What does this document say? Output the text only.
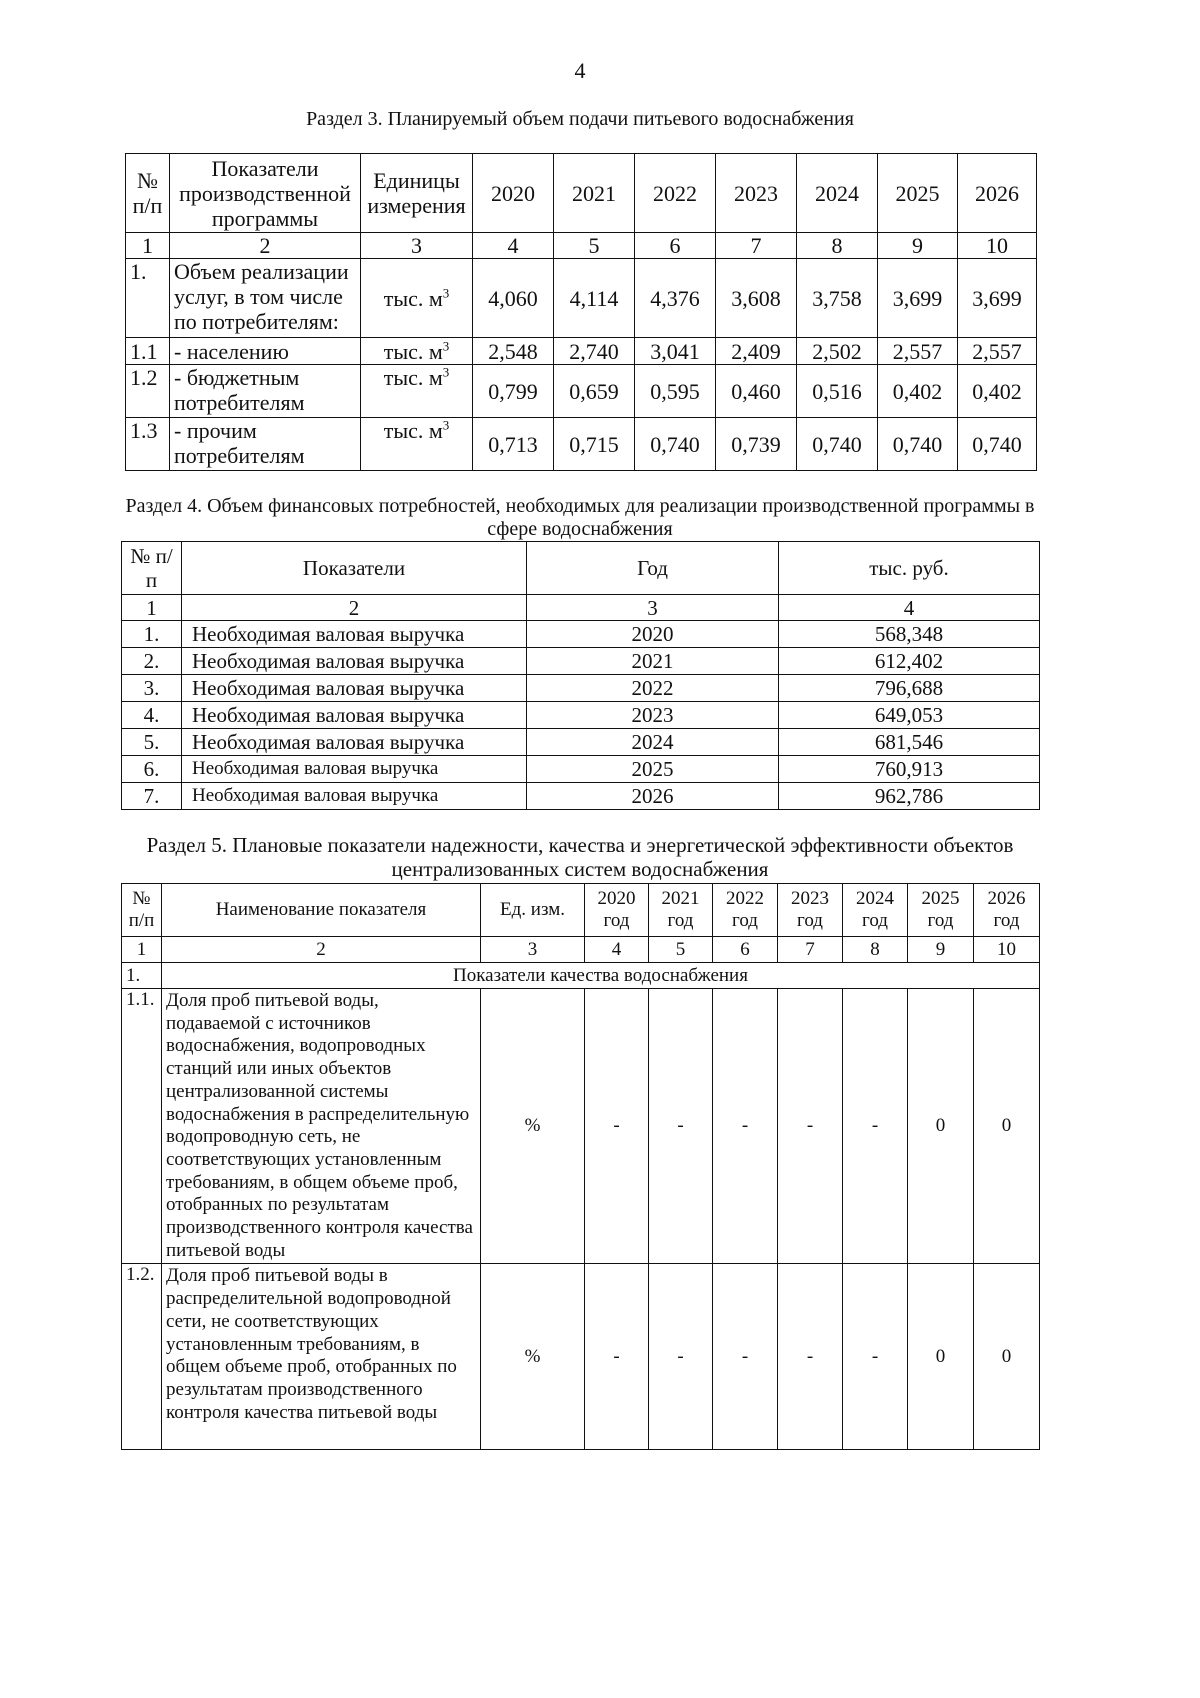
4
Раздел 3. Планируемый объем подачи питьевого водоснабжения
№ п/п	Показатели производственной программы	Единицы измерения	2020	2021	2022	2023	2024	2025	2026
1	2	3	4	5	6	7	8	9	10
1.	Объем реализации услуг, в том числе по потребителям:	тыс. $м^3$	4,060	4,114	4,376	3,608	3,758	3,699	3,699
1.1	- населению	тыс. $м^3$	2,548	2,740	3,041	2,409	2,502	2,557	2,557
1.2	- бюджетным потребителям	тыс. $м^3$	0,799	0,659	0,595	0,460	0,516	0,402	0,402
1.3	- прочим потребителям	тыс. $м^3$	0,713	0,715	0,740	0,739	0,740	0,740	0,740
Раздел 4. Объем финансовых потребностей, необходимых для реализации производственной программы в сфере водоснабжения
№ п/п	Показатели	Год	тыс. руб.
1	2	3	4
1.	Необходимая валовая выручка	2020	568,348
2.	Необходимая валовая выручка	2021	612,402
3.	Необходимая валовая выручка	2022	796,688
4.	Необходимая валовая выручка	2023	649,053
5.	Необходимая валовая выручка	2024	681,546
6.	Необходимая валовая выручка	2025	760,913
7.	Необходимая валовая выручка	2026	962,786
Раздел 5. Плановые показатели надежности, качества и энергетической эффективности объектов централизованных систем водоснабжения
№ п/п	Наименование показателя	Ед. изм.	2020 год	2021 год	2022 год	2023 год	2024 год	2025 год	2026 год
1	2	3	4	5	6	7	8	9	10
1.	Показатели качества водоснабжения								
1.1.	Доля проб питьевой воды, подаваемой с источников водоснабжения, водопроводных станций или иных объектов централизованной системы водоснабжения в распределительную водопроводную сеть, не соответствующих установленным требованиям, в общем объеме проб, отобранных по результатам производственного контроля качества питьевой воды	%	-	-	-	-	-	0	0
1.2.	Доля проб питьевой воды в распределительной водопроводной сети, не соответствующих установленным требованиям, в общем объеме проб, отобранных по результатам производственного контроля качества питьевой воды	%	-	-	-	-	-	0	0
